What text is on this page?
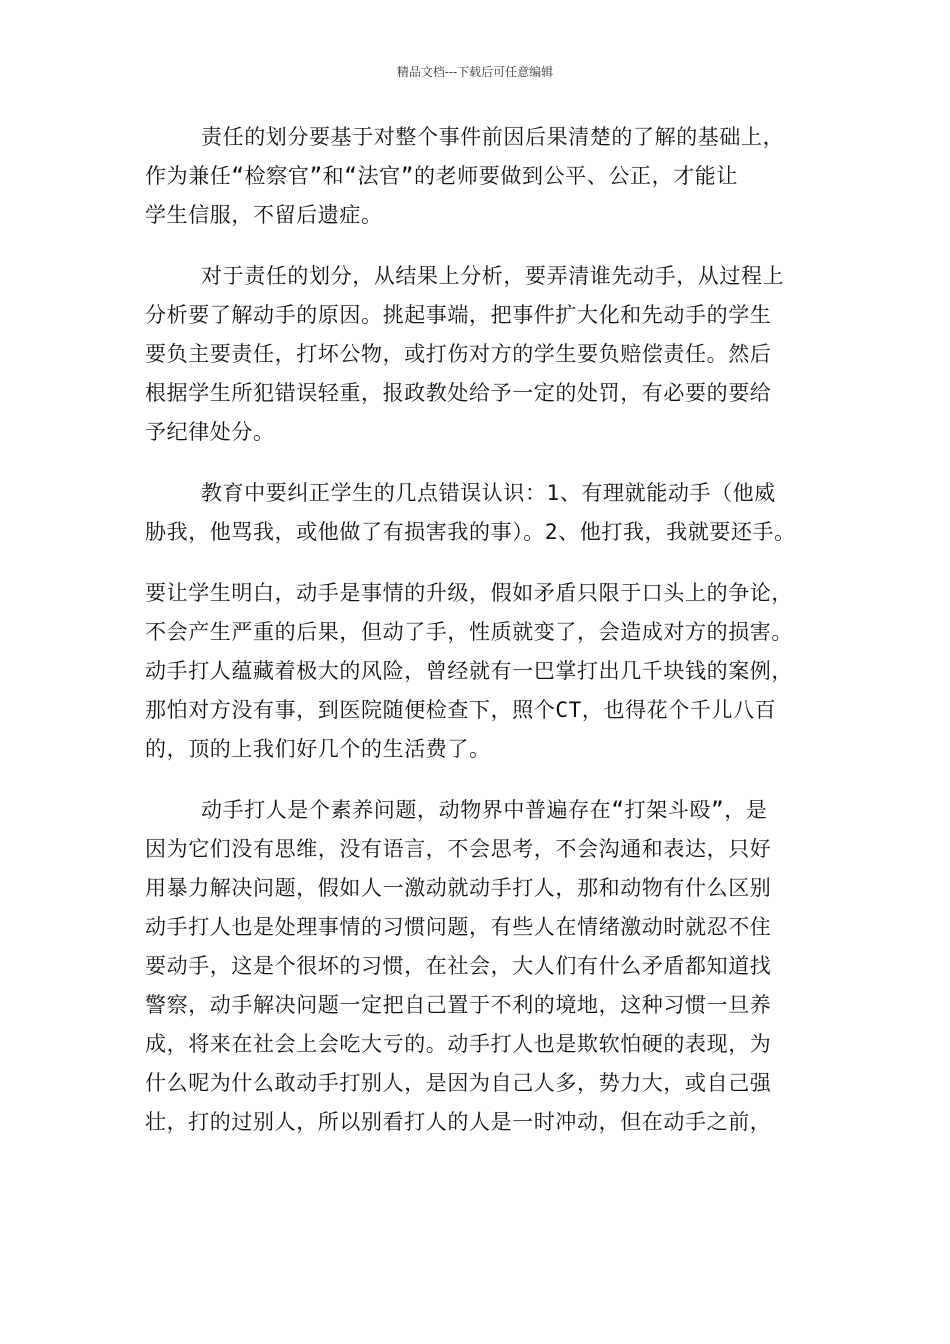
精品文档---下载后可任意编辑

责任的划分要基于对整个事件前因后果清楚的了解的基础上，
作为兼任“检察官”和“法官”的老师要做到公平、公正，才能让
学生信服，不留后遗症。

对于责任的划分，从结果上分析，要弄清谁先动手，从过程上
分析要了解动手的原因。挑起事端，把事件扩大化和先动手的学生
要负主要责任，打坏公物，或打伤对方的学生要负赔偿责任。然后
根据学生所犯错误轻重，报政教处给予一定的处罚，有必要的要给
予纪律处分。

教育中要纠正学生的几点错误认识：1、有理就能动手（他威
胁我，他骂我，或他做了有损害我的事）。2、他打我，我就要还手。

要让学生明白，动手是事情的升级，假如矛盾只限于口头上的争论，
不会产生严重的后果，但动了手，性质就变了，会造成对方的损害。
动手打人蕴藏着极大的风险，曾经就有一巴掌打出几千块钱的案例，
那怕对方没有事，到医院随便检查下，照个CT，也得花个千儿八百
的，顶的上我们好几个的生活费了。

动手打人是个素养问题，动物界中普遍存在“打架斗殴”，是
因为它们没有思维，没有语言，不会思考，不会沟通和表达，只好
用暴力解决问题，假如人一激动就动手打人，那和动物有什么区别
动手打人也是处理事情的习惯问题，有些人在情绪激动时就忍不住
要动手，这是个很坏的习惯，在社会，大人们有什么矛盾都知道找
警察，动手解决问题一定把自己置于不利的境地，这种习惯一旦养
成，将来在社会上会吃大亏的。动手打人也是欺软怕硬的表现，为
什么呢为什么敢动手打别人，是因为自己人多，势力大，或自己强
壮，打的过别人，所以别看打人的人是一时冲动，但在动手之前，
